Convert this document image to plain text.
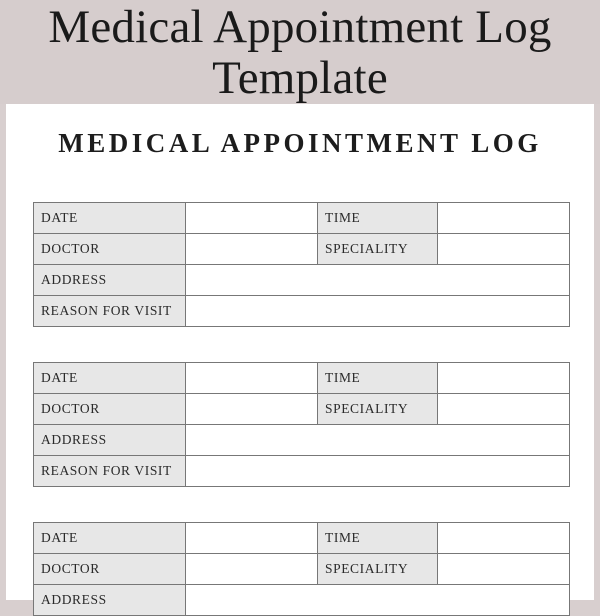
Medical Appointment Log
Template
MEDICAL APPOINTMENT LOG
DATE		TIME	
DOCTOR		SPECIALITY	
ADDRESS			
REASON FOR VISIT			
DATE		TIME	
DOCTOR		SPECIALITY	
ADDRESS			
REASON FOR VISIT			
DATE		TIME	
DOCTOR		SPECIALITY	
ADDRESS			
